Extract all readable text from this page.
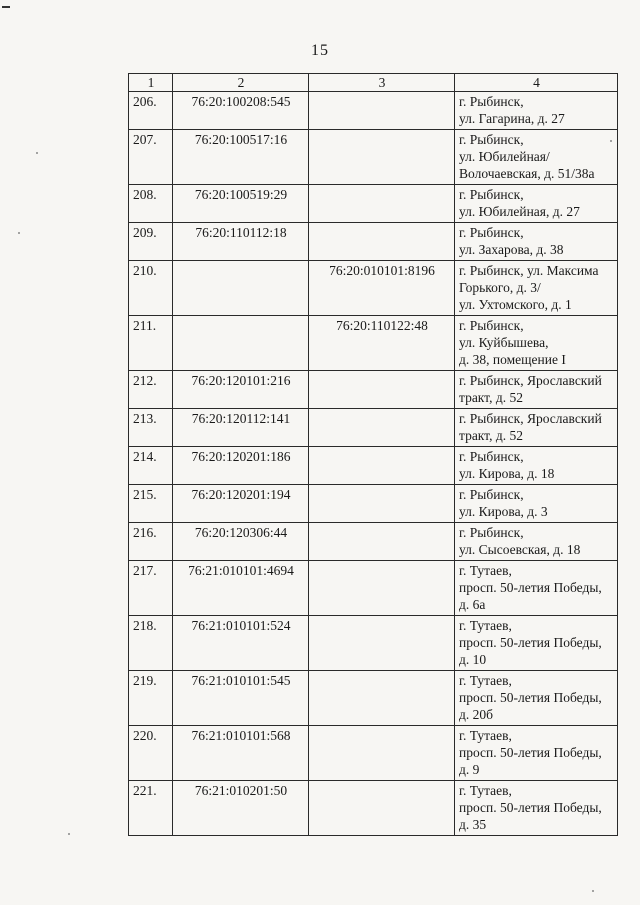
15
1	2	3	4
206.	76:20:100208:545		г. Рыбинск,
ул. Гагарина, д. 27
207.	76:20:100517:16		г. Рыбинск,
ул. Юбилейная/
Волочаевская, д. 51/38а
208.	76:20:100519:29		г. Рыбинск,
ул. Юбилейная, д. 27
209.	76:20:110112:18		г. Рыбинск,
ул. Захарова, д. 38
210.		76:20:010101:8196	г. Рыбинск, ул. Максима
Горького, д. 3/
ул. Ухтомского, д. 1
211.		76:20:110122:48	г. Рыбинск,
ул. Куйбышева,
д. 38, помещение I
212.	76:20:120101:216		г. Рыбинск, Ярославский
тракт, д. 52
213.	76:20:120112:141		г. Рыбинск, Ярославский
тракт, д. 52
214.	76:20:120201:186		г. Рыбинск,
ул. Кирова, д. 18
215.	76:20:120201:194		г. Рыбинск,
ул. Кирова, д. 3
216.	76:20:120306:44		г. Рыбинск,
ул. Сысоевская, д. 18
217.	76:21:010101:4694		г. Тутаев,
просп. 50-летия Победы,
д. 6а
218.	76:21:010101:524		г. Тутаев,
просп. 50-летия Победы,
д. 10
219.	76:21:010101:545		г. Тутаев,
просп. 50-летия Победы,
д. 20б
220.	76:21:010101:568		г. Тутаев,
просп. 50-летия Победы,
д. 9
221.	76:21:010201:50		г. Тутаев,
просп. 50-летия Победы,
д. 35
